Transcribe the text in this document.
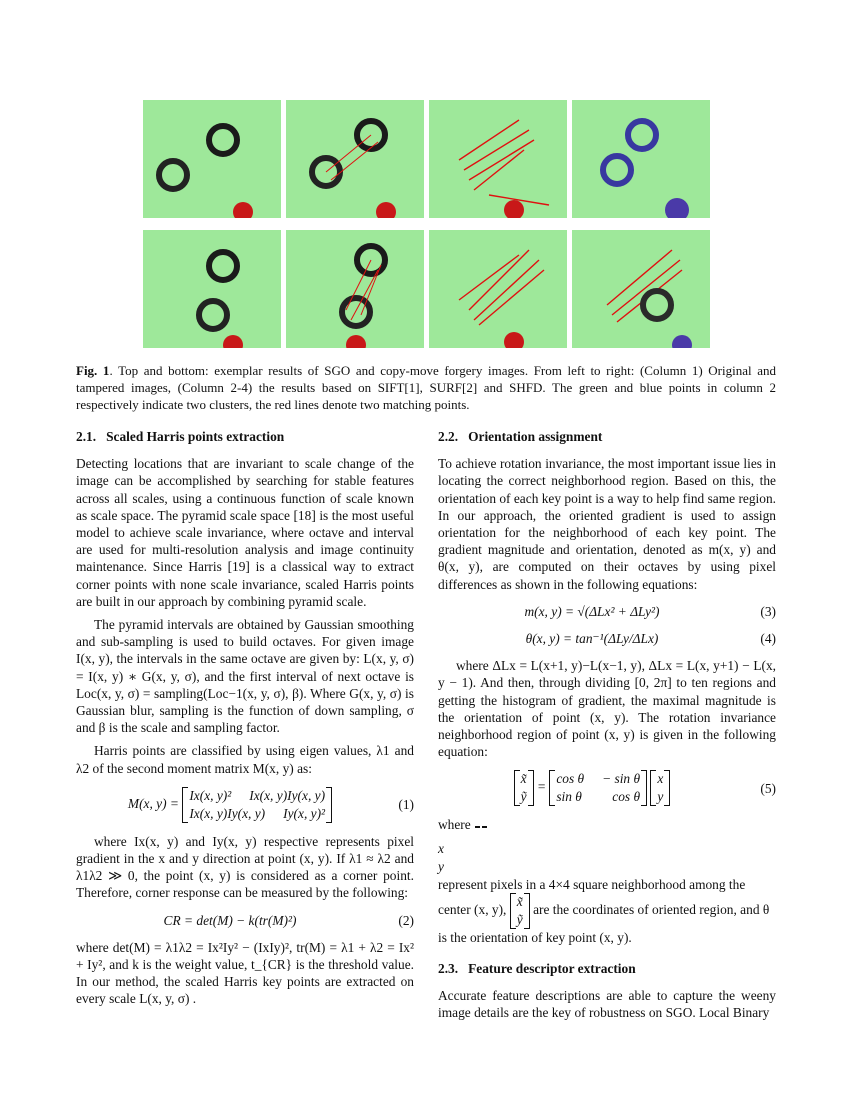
Fig. 1. Top and bottom: exemplar results of SGO and copy-move forgery images. From left to right: (Column 1) Original and tampered images, (Column 2-4) the results based on SIFT[1], SURF[2] and SHFD. The green and blue points in column 2 respectively indicate two clusters, the red lines denote two matching points.
2.1. Scaled Harris points extraction

Detecting locations that are invariant to scale change of the image can be accomplished by searching for stable features across all scales, using a continuous function of scale known as scale space. The pyramid scale space [18] is the most useful model to achieve scale invariance, where octave and interval are used for multi-resolution analysis and image continuity maintenance. Since Harris [19] is a classical way to extract corner points with none scale invariance, scaled Harris points are built in our approach by combining pyramid scale.

The pyramid intervals are obtained by Gaussian smoothing and sub-sampling is used to build octaves. For given image I(x, y), the intervals in the same octave are given by: L(x, y, σ) = I(x, y) ∗ G(x, y, σ), and the first interval of next octave is Loc(x, y, σ) = sampling(Loc−1(x, y, σ), β). Where G(x, y, σ) is Gaussian blur, sampling is the function of down sampling, σ and β is the scale and sampling factor.

Harris points are classified by using eigen values, λ1 and λ2 of the second moment matrix M(x, y) as:

M(x, y) =
Ix(x, y)² Ix(x, y)Iy(x, y)
Ix(x, y)Iy(x, y) Iy(x, y)²
(1)

where Ix(x, y) and Iy(x, y) respective represents pixel gradient in the x and y direction at point (x, y). If λ1 ≈ λ2 and λ1λ2 ≫ 0, the point (x, y) is considered as a corner point. Therefore, corner response can be measured by the following:

CR = det(M) − k(tr(M)²)	(2)

where det(M) = λ1λ2 = Ix²Iy² − (IxIy)², tr(M) = λ1 + λ2 = Ix² + Iy², and k is the weight value, t_{CR} is the threshold value. In our method, the scaled Harris key points are extracted on every scale L(x, y, σ) .

2.2. Orientation assignment

To achieve rotation invariance, the most important issue lies in locating the correct neighborhood region. Based on this, the orientation of each key point is a way to help find same region. In our approach, the oriented gradient is used to assign orientation for the neighborhood of each key point. The gradient magnitude and orientation, denoted as m(x, y) and θ(x, y), are computed on their octaves by using pixel differences as shown in the following equations:

m(x, y) = √(ΔLx² + ΔLy²)	(3)
θ(x, y) = tan⁻¹(ΔLy/ΔLx)	(4)

where ΔLx = L(x+1, y)−L(x−1, y), ΔLx = L(x, y+1) − L(x, y − 1). And then, through dividing [0, 2π] to ten regions and getting the histogram of gradient, the maximal magnitude is the orientation of point (x, y). The rotation invariance neighborhood region of point (x, y) is given in the following equation:

x̃
ỹ
=
cos θ − sin θ
sin θ cos θ

x
y
(5)

where

x
y
represent pixels in a 4×4 square neighborhood among the center (x, y),
x̃
ỹ
are the coordinates of oriented region, and θ is the orientation of key point (x, y).

2.3. Feature descriptor extraction

Accurate feature descriptions are able to capture the weeny image details are the key of robustness on SGO. Local Binary
